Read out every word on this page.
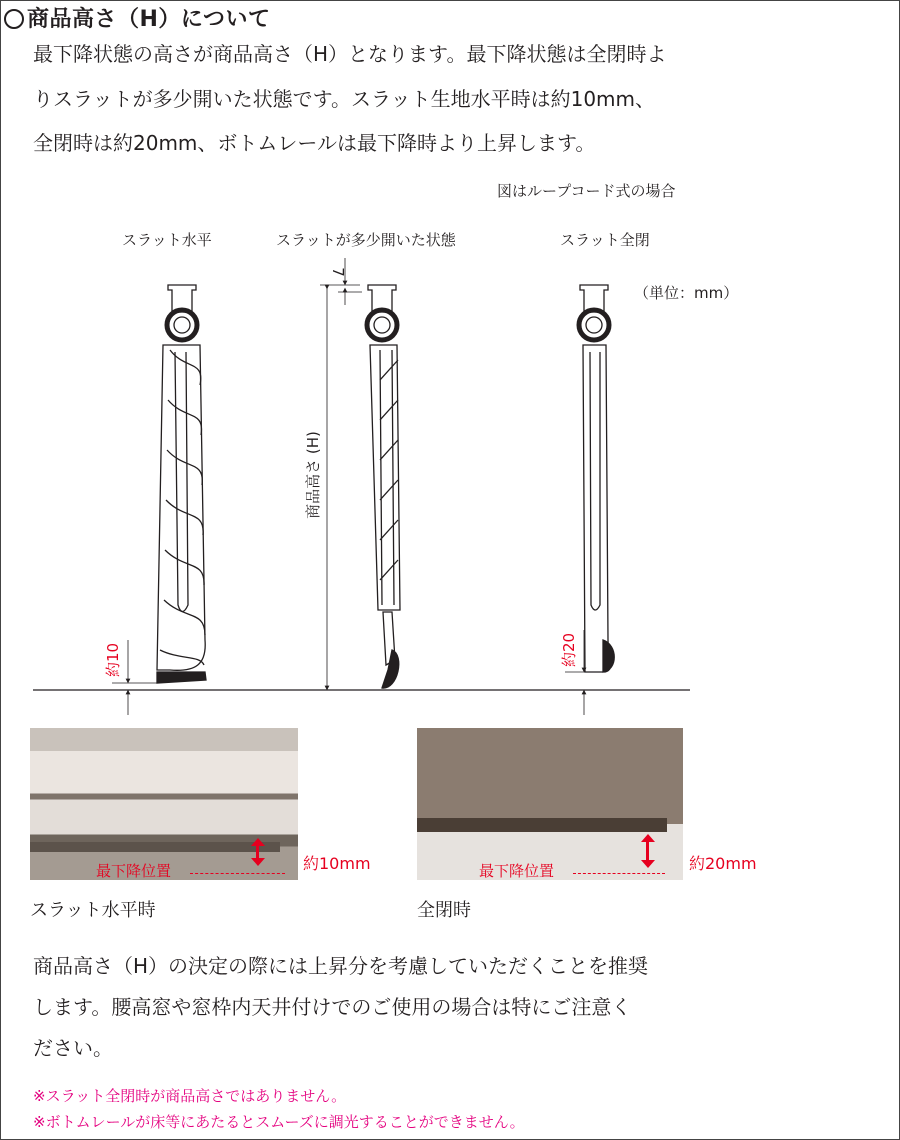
商品高さ（H）について
最下降状態の高さが商品高さ（H）となります。最下降状態は全閉時よ
りスラットが多少開いた状態です。スラット生地水平時は約10mm、
全閉時は約20mm、ボトムレールは最下降時より上昇します。
図はループコード式の場合
スラット水平	スラットが多少開いた状態	スラット全閉
（単位：mm）
7
商品高さ (H)
約10	約20
最下降位置	約10mm
スラット水平時
最下降位置	約20mm
全閉時
商品高さ（H）の決定の際には上昇分を考慮していただくことを推奨
します。腰高窓や窓枠内天井付けでのご使用の場合は特にご注意く
ださい。
※スラット全閉時が商品高さではありません。
※ボトムレールが床等にあたるとスムーズに調光することができません。
